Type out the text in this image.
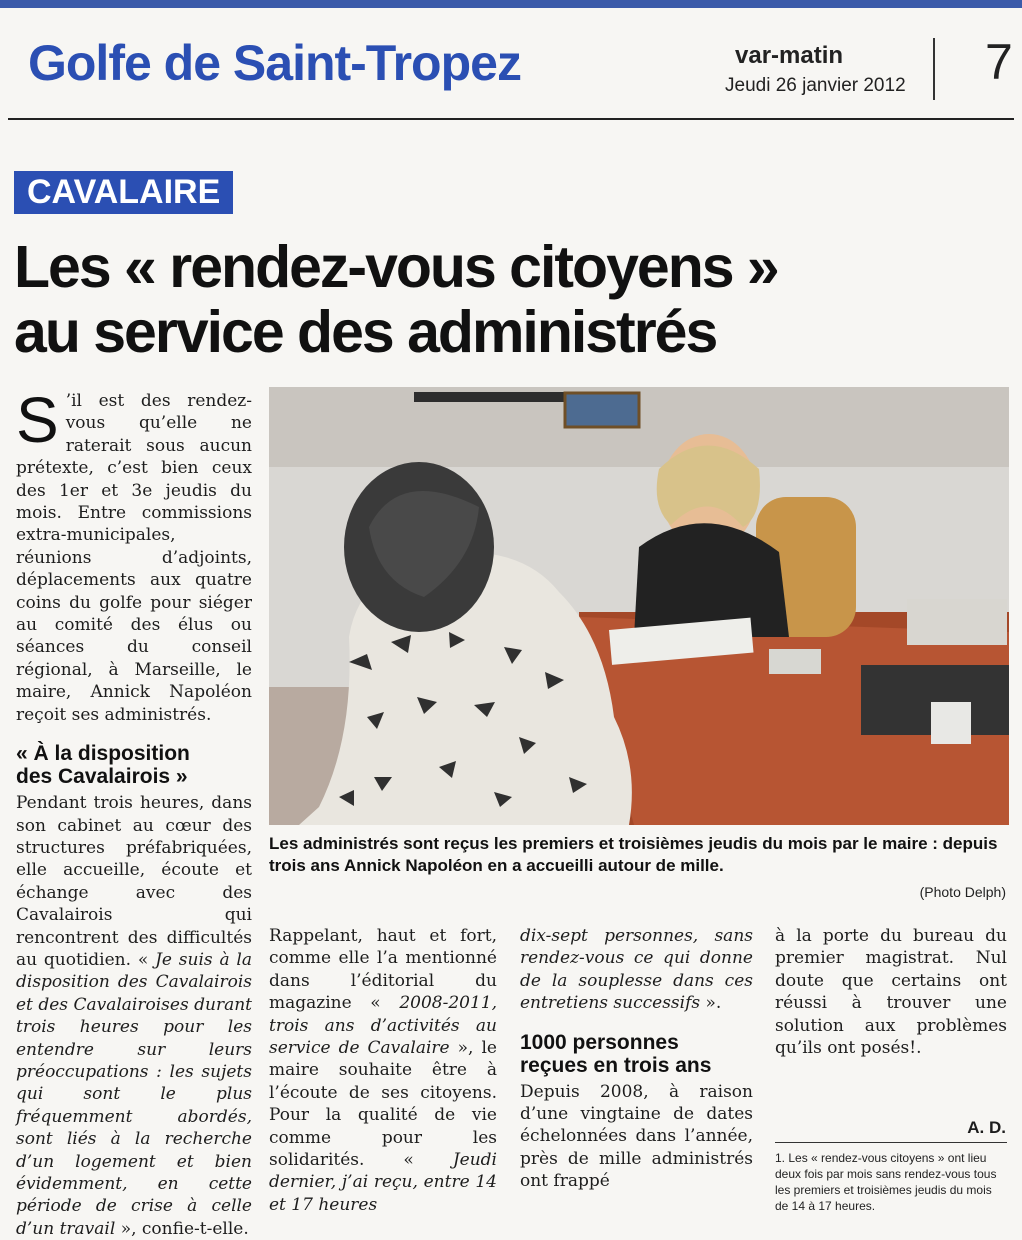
Golfe de Saint-Tropez	var-matin
Jeudi 26 janvier 2012 7
CAVALAIRE
Les « rendez-vous citoyens »
au service des administrés
S ’il est des rendez-vous qu’elle ne raterait sous aucun prétexte, c’est bien ceux des 1er et 3e jeudis du mois. Entre commissions extra-municipales, réunions d’adjoints, déplacements aux quatre coins du golfe pour siéger au comité des élus ou séances du conseil régional, à Marseille, le maire, Annick Napoléon reçoit ses administrés.
« À la disposition
des Cavalairois »
Pendant trois heures, dans son cabinet au cœur des structures préfabriquées, elle accueille, écoute et échange avec des Cavalairois qui rencontrent des difficultés au quotidien. « Je suis à la disposition des Cavalairois et des Cavalairoises durant trois heures pour les entendre sur leurs préoccupations : les sujets qui sont le plus fréquemment abordés, sont liés à la recherche d’un logement et bien évidemment, en cette période de crise à celle d’un travail », confie-t-elle.
Les administrés sont reçus les premiers et troisièmes jeudis du mois par le maire : depuis trois ans Annick Napoléon en a accueilli autour de mille.
(Photo Delph)
Rappelant, haut et fort, comme elle l’a mentionné dans l’éditorial du magazine « 2008-2011, trois ans d’activités au service de Cavalaire », le maire souhaite être à l’écoute de ses citoyens. Pour la qualité de vie comme pour les solidarités. « Jeudi dernier, j’ai reçu, entre 14 et 17 heures
dix-sept personnes, sans rendez-vous ce qui donne de la souplesse dans ces entretiens successifs ».
1000 personnes
reçues en trois ans
Depuis 2008, à raison d’une vingtaine de dates échelonnées dans l’année, près de mille administrés ont frappé
à la porte du bureau du premier magistrat. Nul doute que certains ont réussi à trouver une solution aux problèmes qu’ils ont posés!.
A. D.
1. Les « rendez-vous citoyens » ont lieu deux fois par mois sans rendez-vous tous les premiers et troisièmes jeudis du mois de 14 à 17 heures.
